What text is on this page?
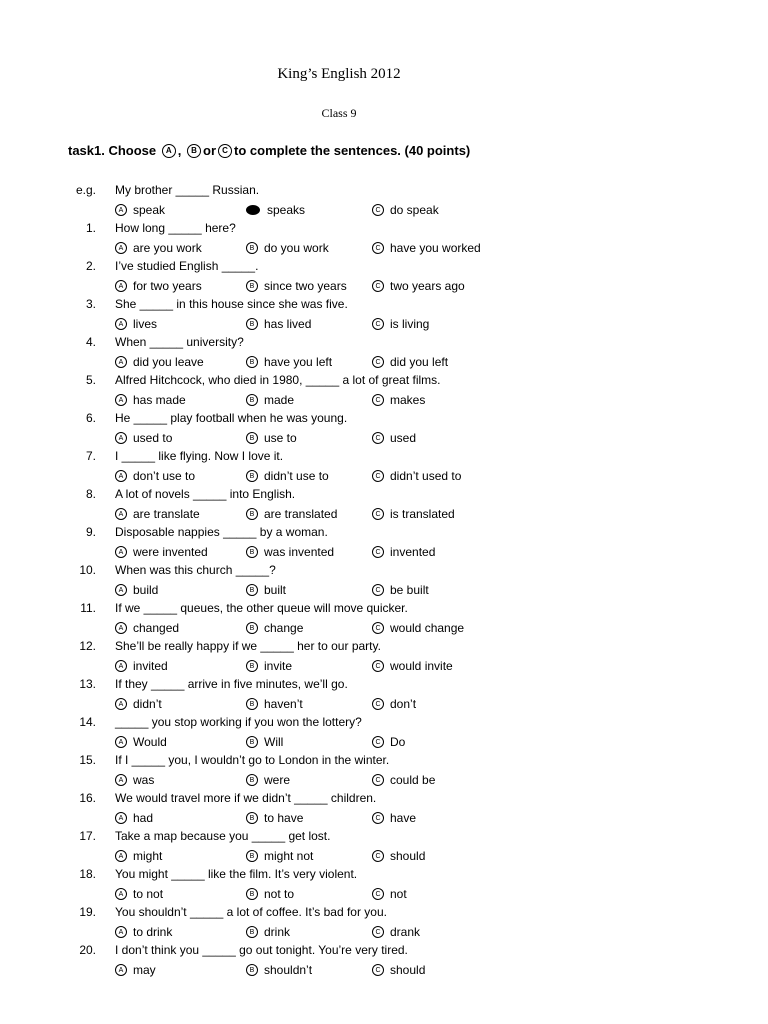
King’s English 2012
Class 9
task1. Choose
	A ,
	B or C to complete the sentences. (40 points)
e.g. My brother _____ Russian.
A speak	speaks	C do speak
1. How long _____ here?
A are you work	B do you work	C have you worked
2. I’ve studied English _____.
A for two years	B since two years	C two years ago
3. She _____ in this house since she was five.
A lives	B has lived	C is living
4. When _____ university?
A did you leave	B have you left	C did you left
5. Alfred Hitchcock, who died in 1980, _____ a lot of great films.
A has made	B made	C makes
6. He _____ play football when he was young.
A used to	B use to	C used
7. I _____ like flying. Now I love it.
A don’t use to	B didn’t use to	C didn’t used to
8. A lot of novels _____ into English.
A are translate	B are translated	C is translated
9. Disposable nappies _____ by a woman.
A were invented	B was invented	C invented
10. When was this church _____?
A build	B built	C be built
11. If we _____ queues, the other queue will move quicker.
A changed	B change	C would change
12. She’ll be really happy if we _____ her to our party.
A invited	B invite	C would invite
13. If they _____ arrive in five minutes, we’ll go.
A didn’t	B haven’t	C don’t
14. _____ you stop working if you won the lottery?
A Would	B Will	C Do
15. If I _____ you, I wouldn’t go to London in the winter.
A was	B were	C could be
16. We would travel more if we didn’t _____ children.
A had	B to have	C have
17. Take a map because you _____ get lost.
A might	B might not	C should
18. You might _____ like the film. It’s very violent.
A to not	B not to	C not
19. You shouldn’t _____ a lot of coffee. It’s bad for you.
A to drink	B drink	C drank
20. I don’t think you _____ go out tonight. You’re very tired.
A may	B shouldn’t	C should
